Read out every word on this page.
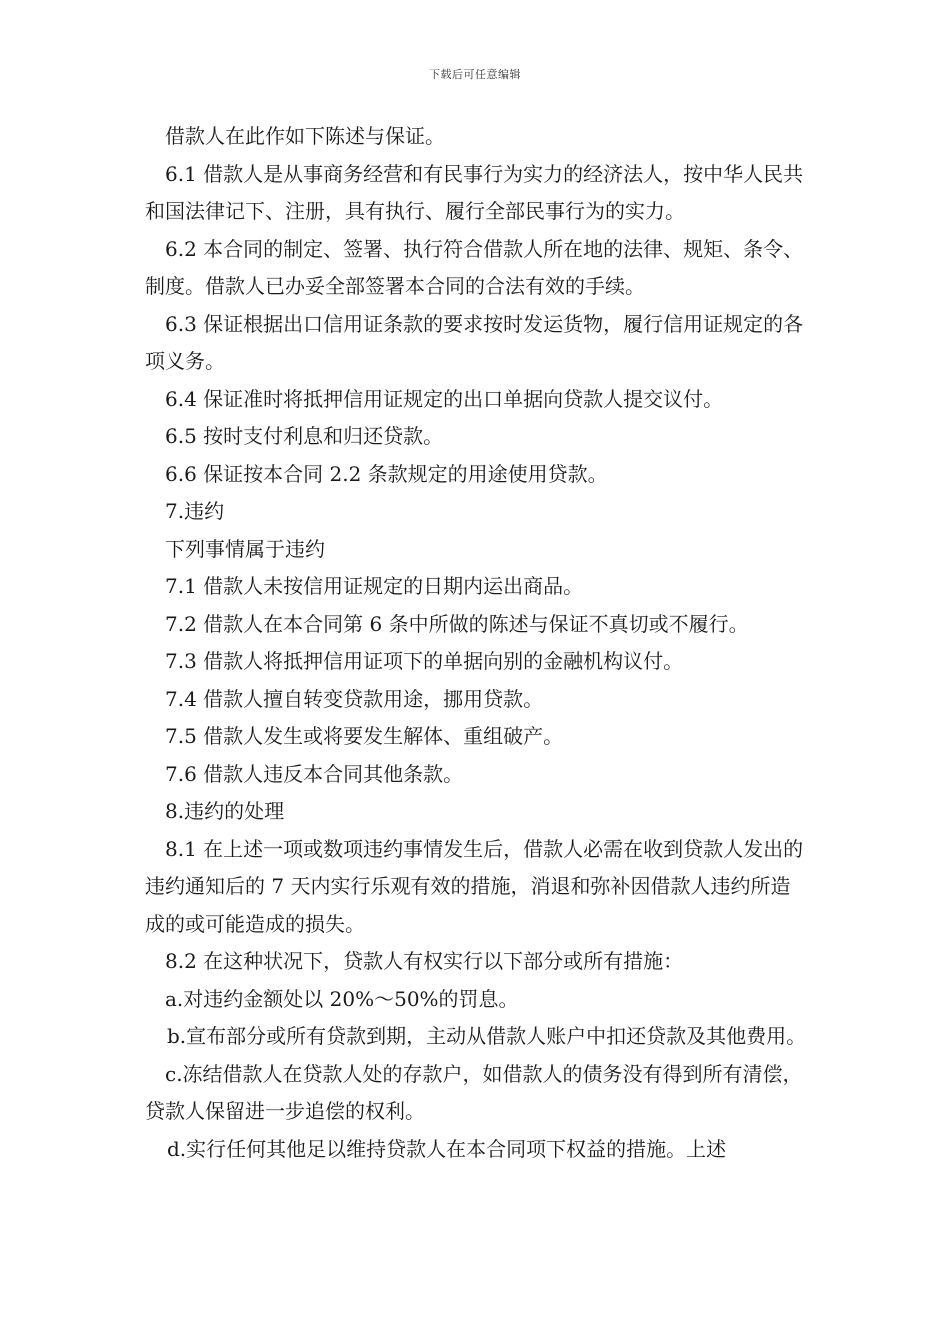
下载后可任意编辑

借款人在此作如下陈述与保证。

6.1 借款人是从事商务经营和有民事行为实力的经济法人，按中华人民共和国法律记下、注册，具有执行、履行全部民事行为的实力。

6.2 本合同的制定、签署、执行符合借款人所在地的法律、规矩、条令、制度。借款人已办妥全部签署本合同的合法有效的手续。

6.3 保证根据出口信用证条款的要求按时发运货物，履行信用证规定的各项义务。

6.4 保证准时将抵押信用证规定的出口单据向贷款人提交议付。

6.5 按时支付利息和归还贷款。

6.6 保证按本合同 2.2 条款规定的用途使用贷款。

7.违约

下列事情属于违约

7.1 借款人未按信用证规定的日期内运出商品。

7.2 借款人在本合同第 6 条中所做的陈述与保证不真切或不履行。

7.3 借款人将抵押信用证项下的单据向别的金融机构议付。

7.4 借款人擅自转变贷款用途，挪用贷款。

7.5 借款人发生或将要发生解体、重组破产。

7.6 借款人违反本合同其他条款。

8.违约的处理

8.1 在上述一项或数项违约事情发生后，借款人必需在收到贷款人发出的违约通知后的 7 天内实行乐观有效的措施，消退和弥补因借款人违约所造成的或可能造成的损失。

8.2 在这种状况下，贷款人有权实行以下部分或所有措施：

a.对违约金额处以 20%～50%的罚息。

b.宣布部分或所有贷款到期，主动从借款人账户中扣还贷款及其他费用。

c.冻结借款人在贷款人处的存款户，如借款人的债务没有得到所有清偿，贷款人保留进一步追偿的权利。

d.实行任何其他足以维持贷款人在本合同项下权益的措施。上述
